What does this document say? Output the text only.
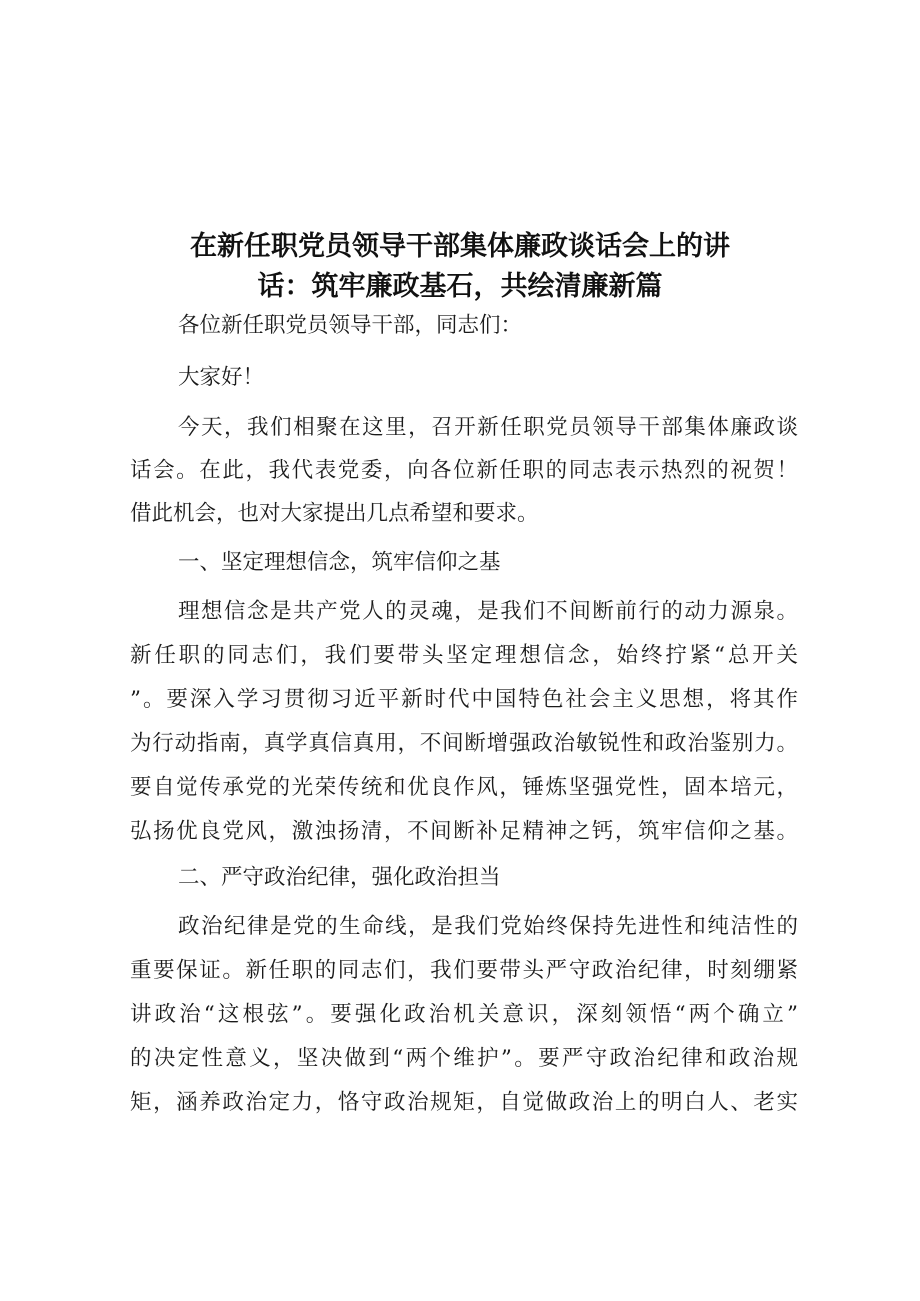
在新任职党员领导干部集体廉政谈话会上的讲
话：筑牢廉政基石，共绘清廉新篇

各位新任职党员领导干部，同志们：

大家好！

今天，我们相聚在这里，召开新任职党员领导干部集体廉政谈

话会。在此，我代表党委，向各位新任职的同志表示热烈的祝贺！

借此机会，也对大家提出几点希望和要求。

一、坚定理想信念，筑牢信仰之基

理想信念是共产党人的灵魂，是我们不间断前行的动力源泉。

新任职的同志们，我们要带头坚定理想信念，始终拧紧“总开关

”。要深入学习贯彻习近平新时代中国特色社会主义思想，将其作

为行动指南，真学真信真用，不间断增强政治敏锐性和政治鉴别力。

要自觉传承党的光荣传统和优良作风，锤炼坚强党性，固本培元，

弘扬优良党风，激浊扬清，不间断补足精神之钙，筑牢信仰之基。

二、严守政治纪律，强化政治担当

政治纪律是党的生命线，是我们党始终保持先进性和纯洁性的

重要保证。新任职的同志们，我们要带头严守政治纪律，时刻绷紧

讲政治“这根弦”。要强化政治机关意识，深刻领悟“两个确立”

的决定性意义，坚决做到“两个维护”。要严守政治纪律和政治规

矩，涵养政治定力，恪守政治规矩，自觉做政治上的明白人、老实
